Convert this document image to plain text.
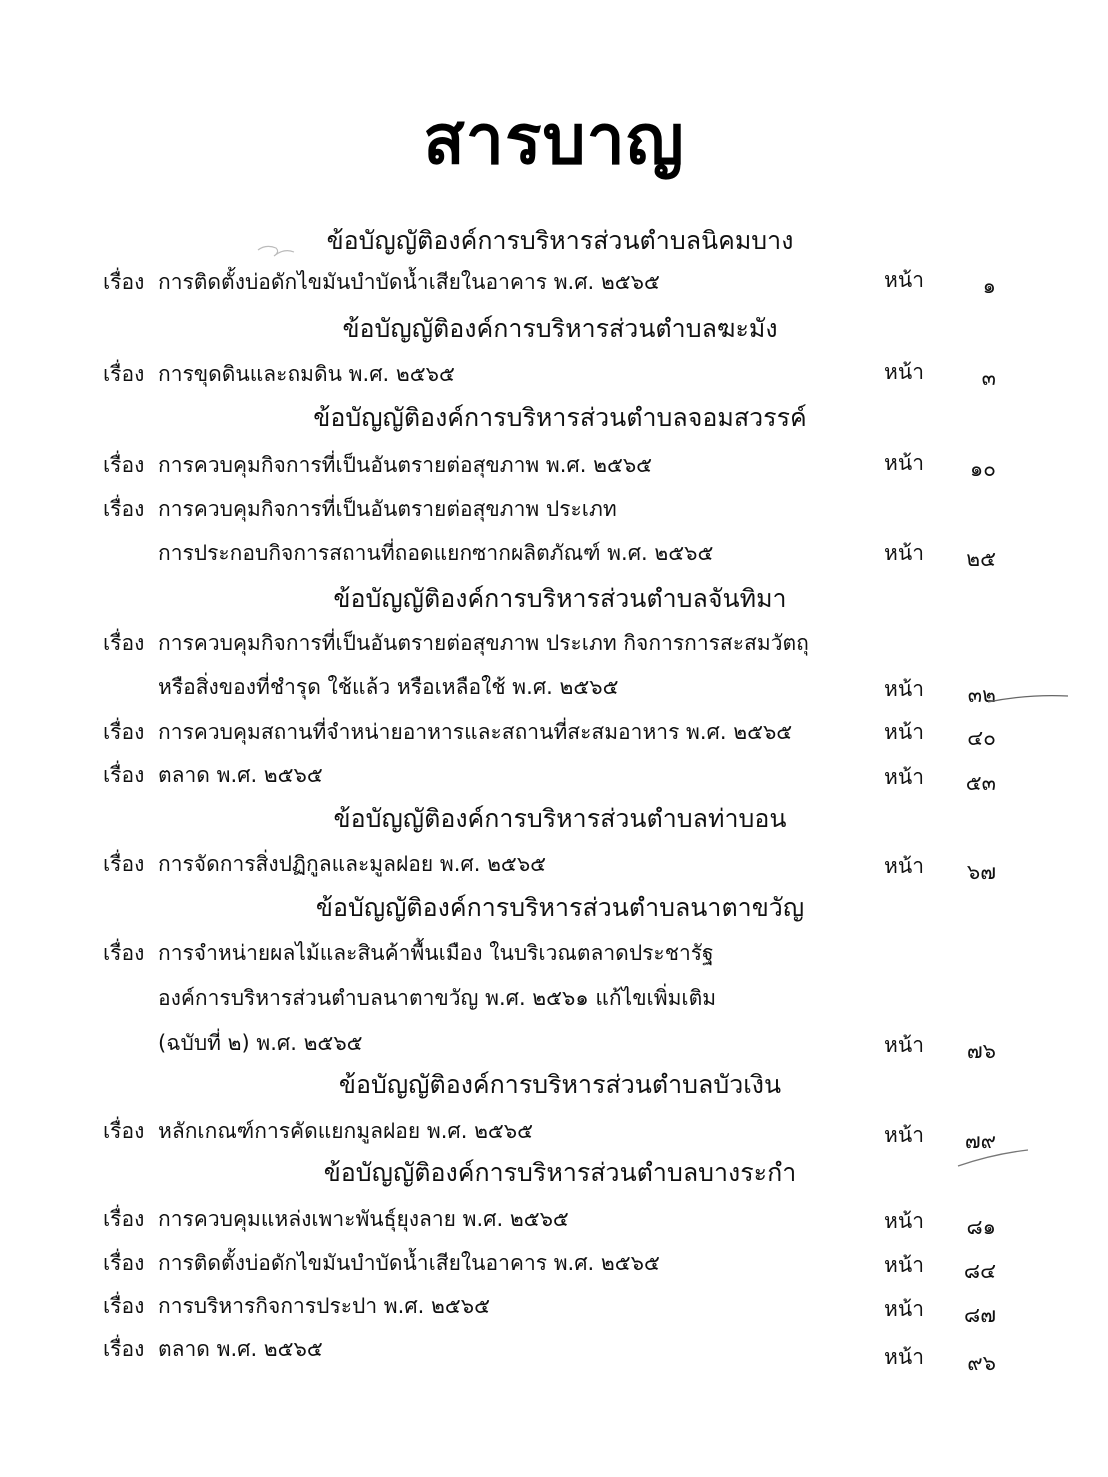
สารบาญ
ข้อบัญญัติองค์การบริหารส่วนตำบลนิคมบาง
เรื่อง การติดตั้งบ่อดักไขมันบำบัดน้ำเสียในอาคาร พ.ศ. ๒๕๖๕	หน้า	๑
ข้อบัญญัติองค์การบริหารส่วนตำบลฆะมัง
เรื่อง การขุดดินและถมดิน พ.ศ. ๒๕๖๕	หน้า	๓
ข้อบัญญัติองค์การบริหารส่วนตำบลจอมสวรรค์
เรื่อง การควบคุมกิจการที่เป็นอันตรายต่อสุขภาพ พ.ศ. ๒๕๖๕	หน้า	๑๐
เรื่อง การควบคุมกิจการที่เป็นอันตรายต่อสุขภาพ ประเภท
การประกอบกิจการสถานที่ถอดแยกซากผลิตภัณฑ์ พ.ศ. ๒๕๖๕	หน้า	๒๕
ข้อบัญญัติองค์การบริหารส่วนตำบลจันทิมา
เรื่อง การควบคุมกิจการที่เป็นอันตรายต่อสุขภาพ ประเภท กิจการการสะสมวัตถุ
หรือสิ่งของที่ชำรุด ใช้แล้ว หรือเหลือใช้ พ.ศ. ๒๕๖๕	หน้า	๓๒
เรื่อง การควบคุมสถานที่จำหน่ายอาหารและสถานที่สะสมอาหาร พ.ศ. ๒๕๖๕	หน้า	๔๐
เรื่อง ตลาด พ.ศ. ๒๕๖๕	หน้า	๕๓
ข้อบัญญัติองค์การบริหารส่วนตำบลท่าบอน
เรื่อง การจัดการสิ่งปฏิกูลและมูลฝอย พ.ศ. ๒๕๖๕	หน้า	๖๗
ข้อบัญญัติองค์การบริหารส่วนตำบลนาตาขวัญ
เรื่อง การจำหน่ายผลไม้และสินค้าพื้นเมือง ในบริเวณตลาดประชารัฐ
องค์การบริหารส่วนตำบลนาตาขวัญ พ.ศ. ๒๕๖๑ แก้ไขเพิ่มเติม
(ฉบับที่ ๒) พ.ศ. ๒๕๖๕	หน้า	๗๖
ข้อบัญญัติองค์การบริหารส่วนตำบลบัวเงิน
เรื่อง หลักเกณฑ์การคัดแยกมูลฝอย พ.ศ. ๒๕๖๕	หน้า	๗๙
ข้อบัญญัติองค์การบริหารส่วนตำบลบางระกำ
เรื่อง การควบคุมแหล่งเพาะพันธุ์ยุงลาย พ.ศ. ๒๕๖๕	หน้า	๘๑
เรื่อง การติดตั้งบ่อดักไขมันบำบัดน้ำเสียในอาคาร พ.ศ. ๒๕๖๕	หน้า	๘๔
เรื่อง การบริหารกิจการประปา พ.ศ. ๒๕๖๕	หน้า	๘๗
เรื่อง ตลาด พ.ศ. ๒๕๖๕	หน้า	๙๖
